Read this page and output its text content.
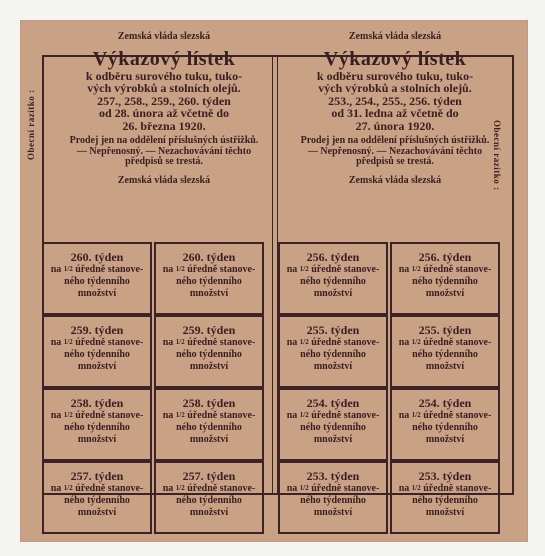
Obecní razítko :	Obecní razítko :
Zemská vláda slezská
Výkazový lístek
k odběru surového tuku, tuko-
vých výrobků a stolních olejů.
257., 258., 259., 260. týden
od 28. února až včetně do
26. března 1920.
Prodej jen na oddělení příslušných ústřižků.
— Nepřenosný. — Nezachovávání těchto
předpisů se trestá.
Zemská vláda slezská
Zemská vláda slezská
Výkazový lístek
k odběru surového tuku, tuko-
vých výrobků a stolních olejů.
253., 254., 255., 256. týden
od 31. ledna až včetně do
27. února 1920.
Prodej jen na oddělení příslušných ústřižků.
— Nepřenosný. — Nezachovávání těchto
předpisů se trestá.
Zemská vláda slezská
260. týden
na 1/2 úředně stanove-
ného týdenního
množství
260. týden
na 1/2 úředně stanove-
ného týdenního
množství
256. týden
na 1/2 úředně stanove-
ného týdenního
množství
256. týden
na 1/2 úředně stanove-
ného týdenního
množství
259. týden
na 1/2 úředně stanove-
ného týdenního
množství
259. týden
na 1/2 úředně stanove-
ného týdenního
množství
255. týden
na 1/2 úředně stanove-
ného týdenního
množství
255. týden
na 1/2 úředně stanove-
ného týdenního
množství
258. týden
na 1/2 úředně stanove-
ného týdenního
množství
258. týden
na 1/2 úředně stanove-
ného týdenního
množství
254. týden
na 1/2 úředně stanove-
ného týdenního
množství
254. týden
na 1/2 úředně stanove-
ného týdenního
množství
257. týden
na 1/2 úředně stanove-
ného týdenního
množství
257. týden
na 1/2 úředně stanove-
ného týdenního
množství
253. týden
na 1/2 úředně stanove-
ného týdenního
množství
253. týden
na 1/2 úředně stanove-
ného týdenního
množství
